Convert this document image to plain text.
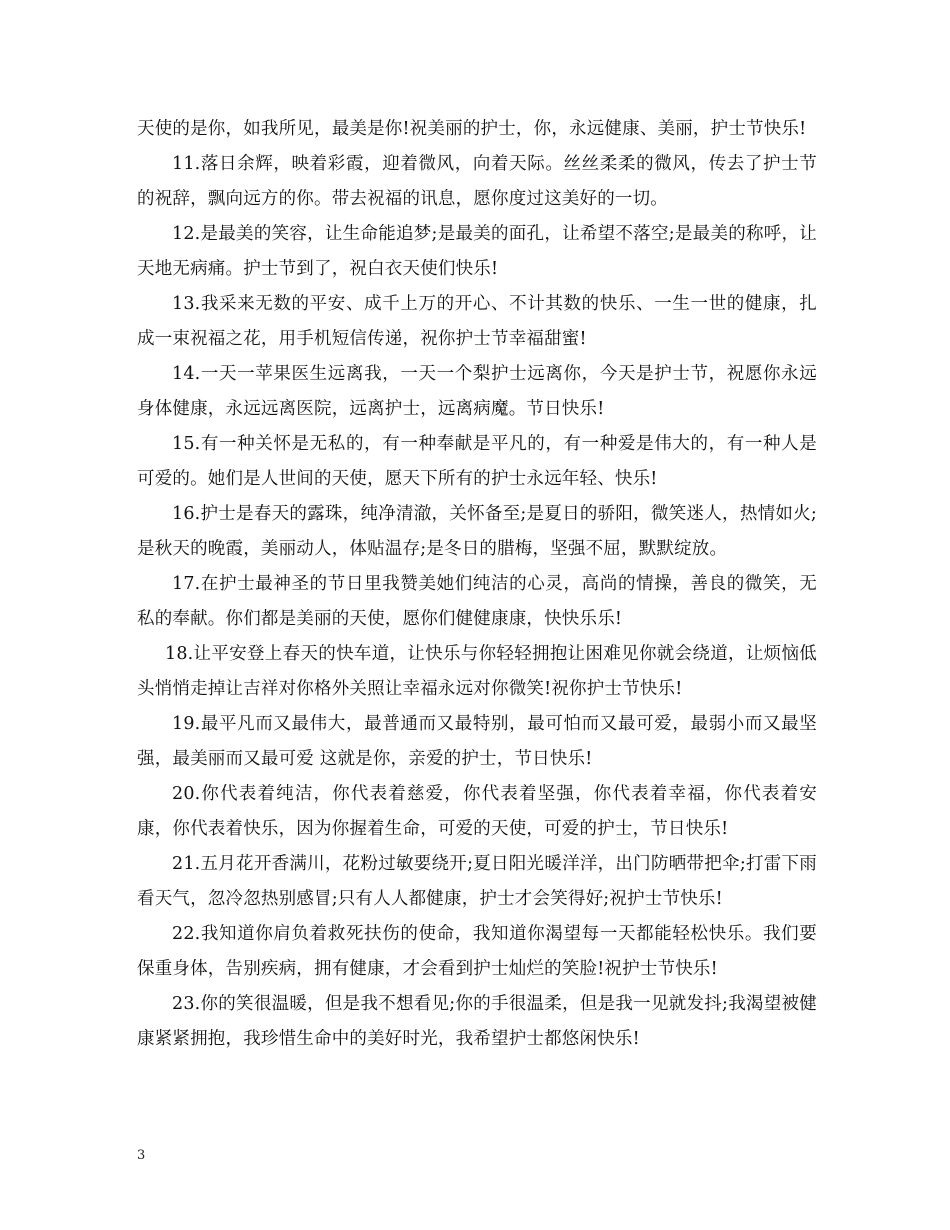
天使的是你，如我所见，最美是你!祝美丽的护士，你，永远健康、美丽，护士节快乐!

11.落日余辉，映着彩霞，迎着微风，向着天际。丝丝柔柔的微风，传去了护士节的祝辞，飘向远方的你。带去祝福的讯息，愿你度过这美好的一切。

12.是最美的笑容，让生命能追梦;是最美的面孔，让希望不落空;是最美的称呼，让天地无病痛。护士节到了，祝白衣天使们快乐!

13.我采来无数的平安、成千上万的开心、不计其数的快乐、一生一世的健康，扎成一束祝福之花，用手机短信传递，祝你护士节幸福甜蜜!

14.一天一苹果医生远离我，一天一个梨护士远离你，今天是护士节，祝愿你永远身体健康，永远远离医院，远离护士，远离病魔。节日快乐!

15.有一种关怀是无私的，有一种奉献是平凡的，有一种爱是伟大的，有一种人是可爱的。她们是人世间的天使，愿天下所有的护士永远年轻、快乐!

16.护士是春天的露珠，纯净清澈，关怀备至;是夏日的骄阳，微笑迷人，热情如火;是秋天的晚霞，美丽动人，体贴温存;是冬日的腊梅，坚强不屈，默默绽放。

17.在护士最神圣的节日里我赞美她们纯洁的心灵，高尚的情操，善良的微笑，无私的奉献。你们都是美丽的天使，愿你们健健康康，快快乐乐!

18.让平安登上春天的快车道，让快乐与你轻轻拥抱让困难见你就会绕道，让烦恼低头悄悄走掉让吉祥对你格外关照让幸福永远对你微笑!祝你护士节快乐!

19.最平凡而又最伟大，最普通而又最特别，最可怕而又最可爱，最弱小而又最坚强，最美丽而又最可爱 这就是你，亲爱的护士，节日快乐!

20.你代表着纯洁，你代表着慈爱，你代表着坚强，你代表着幸福，你代表着安康，你代表着快乐，因为你握着生命，可爱的天使，可爱的护士，节日快乐!

21.五月花开香满川，花粉过敏要绕开;夏日阳光暖洋洋，出门防晒带把伞;打雷下雨看天气，忽冷忽热别感冒;只有人人都健康，护士才会笑得好;祝护士节快乐!

22.我知道你肩负着救死扶伤的使命，我知道你渴望每一天都能轻松快乐。我们要保重身体，告别疾病，拥有健康，才会看到护士灿烂的笑脸!祝护士节快乐!

23.你的笑很温暖，但是我不想看见;你的手很温柔，但是我一见就发抖;我渴望被健康紧紧拥抱，我珍惜生命中的美好时光，我希望护士都悠闲快乐!

3
